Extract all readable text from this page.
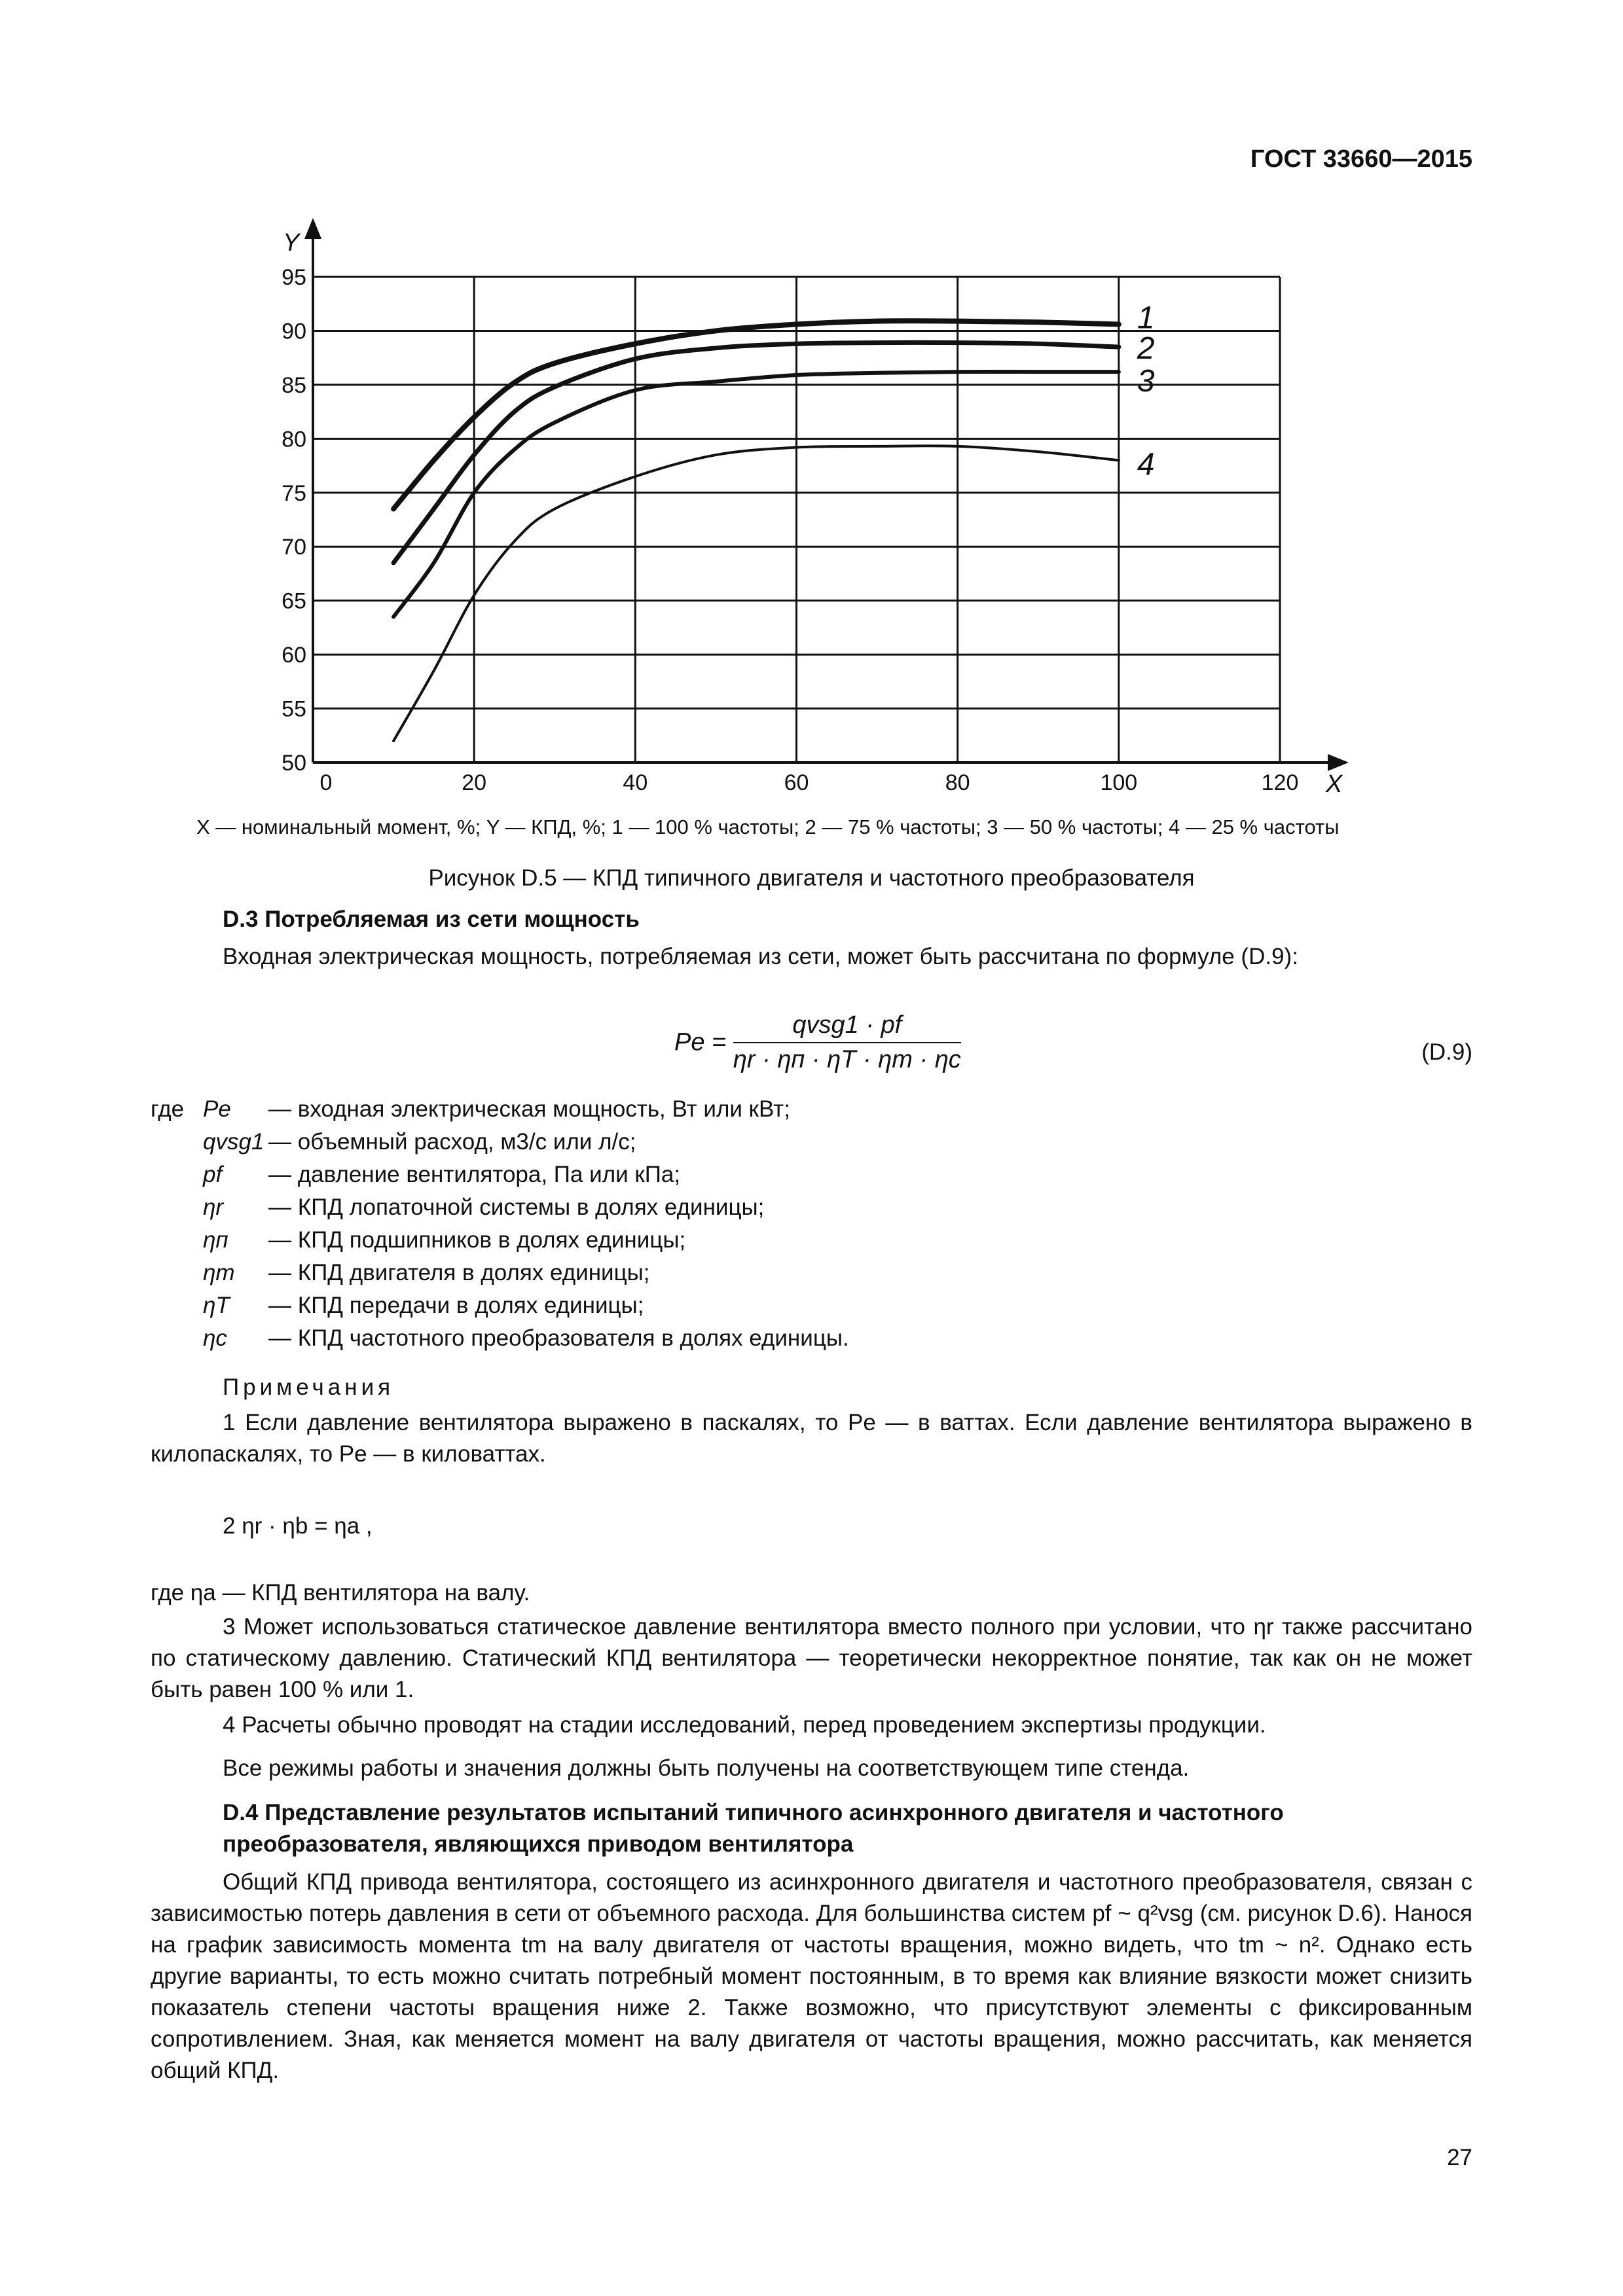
ГОСТ 33660—2015
X
Y
0	20	40	60	80	100	120
50
55
60
65
70
75
80
85
90
95
1
2
3
4
X — номинальный момент, %; Y — КПД, %; 1 — 100 % частоты; 2 — 75 % частоты; 3 — 50 % частоты; 4 — 25 % частоты
Рисунок D.5 — КПД типичного двигателя и частотного преобразователя
D.3 Потребляемая из сети мощность
Входная электрическая мощность, потребляемая из сети, может быть рассчитана по формуле (D.9):
$Pe = \frac{\text{qvsg1 · pf}}{\eta r \cdot \eta п \cdot \eta T \cdot \eta m \cdot \eta c}$	(D.9)
где Pe — входная электрическая мощность, Вт или кВт;
qvsg1 — объемный расход, м3/с или л/с;
pf — давление вентилятора, Па или кПа;
ηr — КПД лопаточной системы в долях единицы;
ηп — КПД подшипников в долях единицы;
ηm — КПД двигателя в долях единицы;
ηT — КПД передачи в долях единицы;
ηc — КПД частотного преобразователя в долях единицы.
Примечания
1 Если давление вентилятора выражено в паскалях, то Pe — в ваттах. Если давление вентилятора выражено в килопаскалях, то Pe — в киловаттах.
2 ηr · ηb = ηa ,
где ηa — КПД вентилятора на валу.
3 Может использоваться статическое давление вентилятора вместо полного при условии, что ηr также рассчитано по статическому давлению. Статический КПД вентилятора — теоретически некорректное понятие, так как он не может быть равен 100 % или 1.
4 Расчеты обычно проводят на стадии исследований, перед проведением экспертизы продукции.
Все режимы работы и значения должны быть получены на соответствующем типе стенда.
D.4 Представление результатов испытаний типичного асинхронного двигателя и частотного
преобразователя, являющихся приводом вентилятора
Общий КПД привода вентилятора, состоящего из асинхронного двигателя и частотного преобразователя, связан с зависимостью потерь давления в сети от объемного расхода. Для большинства систем pf ~ q²vsg (см. рисунок D.6). Нанося на график зависимость момента tm на валу двигателя от частоты вращения, можно видеть, что tm ~ n². Однако есть другие варианты, то есть можно считать потребный момент постоянным, в то время как влияние вязкости может снизить показатель степени частоты вращения ниже 2. Также возможно, что присутствуют элементы с фиксированным сопротивлением. Зная, как меняется момент на валу двигателя от частоты вращения, можно рассчитать, как меняется общий КПД.
27
